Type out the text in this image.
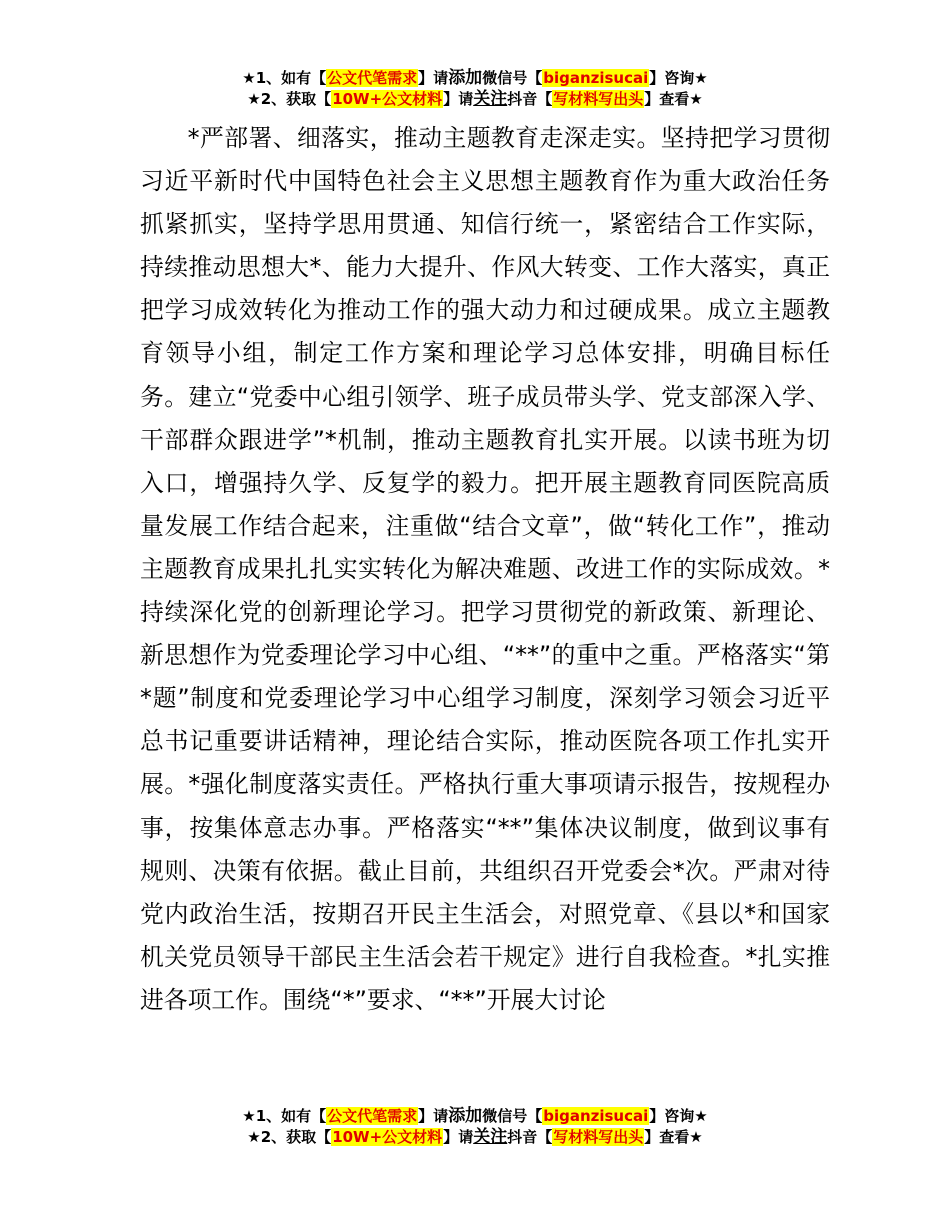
★1、如有【公文代笔需求】请添加微信号【biganzisucai】咨询★
★2、获取【10W+公文材料】请关注抖音【写材料写出头】查看★

*严部署、细落实，推动主题教育走深走实。坚持把学习贯彻习近平新时代中国特色社会主义思想主题教育作为重大政治任务抓紧抓实，坚持学思用贯通、知信行统一，紧密结合工作实际，持续推动思想大*、能力大提升、作风大转变、工作大落实，真正把学习成效转化为推动工作的强大动力和过硬成果。成立主题教育领导小组，制定工作方案和理论学习总体安排，明确目标任务。建立“党委中心组引领学、班子成员带头学、党支部深入学、干部群众跟进学”*机制，推动主题教育扎实开展。以读书班为切入口，增强持久学、反复学的毅力。把开展主题教育同医院高质量发展工作结合起来，注重做“结合文章”，做“转化工作”，推动主题教育成果扎扎实实转化为解决难题、改进工作的实际成效。*持续深化党的创新理论学习。把学习贯彻党的新政策、新理论、新思想作为党委理论学习中心组、“**”的重中之重。严格落实“第*题”制度和党委理论学习中心组学习制度，深刻学习领会习近平总书记重要讲话精神，理论结合实际，推动医院各项工作扎实开展。*强化制度落实责任。严格执行重大事项请示报告，按规程办事，按集体意志办事。严格落实“**”集体决议制度，做到议事有规则、决策有依据。截止目前，共组织召开党委会*次。严肃对待党内政治生活，按期召开民主生活会，对照党章、《县以*和国家机关党员领导干部民主生活会若干规定》进行自我检查。*扎实推进各项工作。围绕“*”要求、“**”开展大讨论

★1、如有【公文代笔需求】请添加微信号【biganzisucai】咨询★
★2、获取【10W+公文材料】请关注抖音【写材料写出头】查看★
